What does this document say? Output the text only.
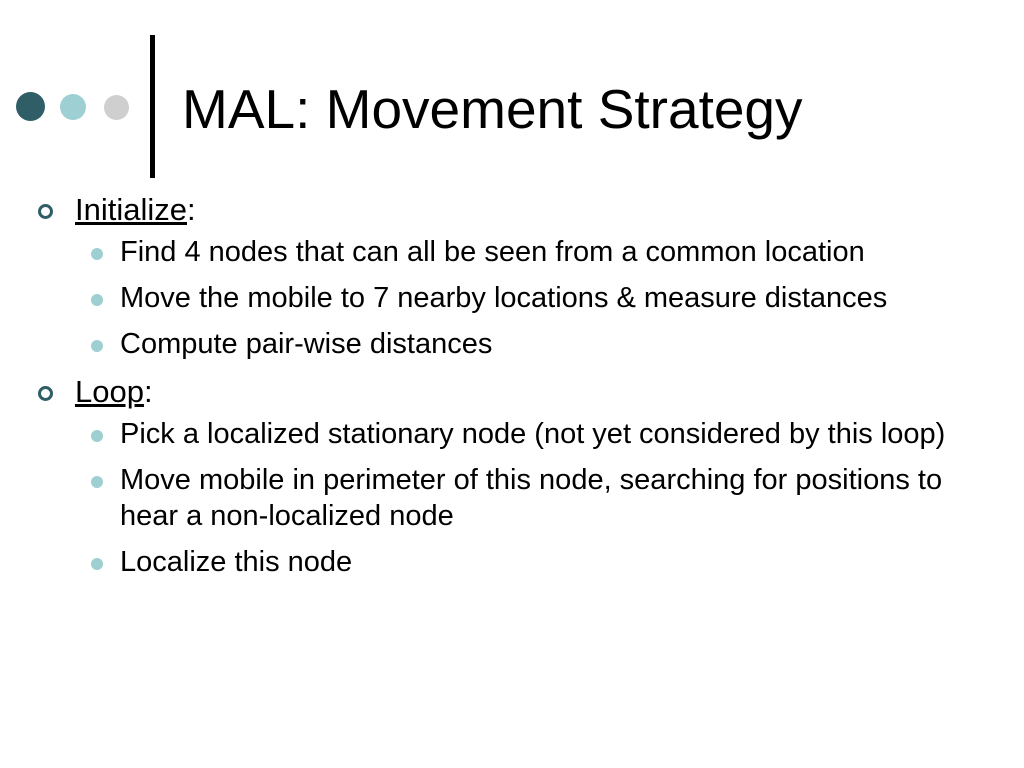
MAL: Movement Strategy
Initialize:
Find 4 nodes that can all be seen from a common location
Move the mobile to 7 nearby locations & measure distances
Compute pair-wise distances
Loop:
Pick a localized stationary node (not yet considered by this loop)
Move mobile in perimeter of this node, searching for positions to hear a non-localized node
Localize this node
